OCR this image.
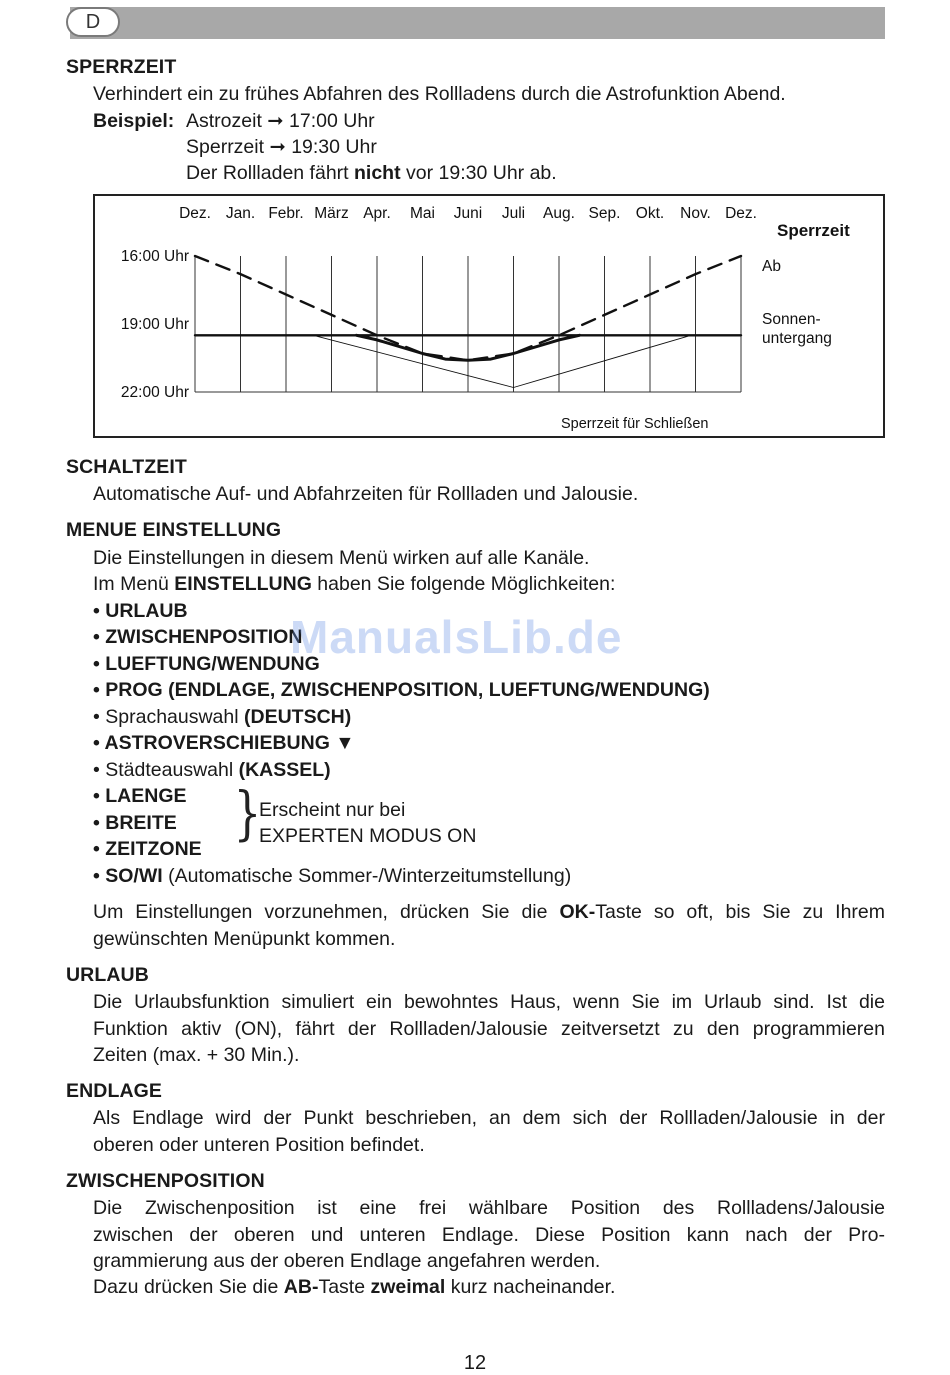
D
SPERRZEIT
Verhindert ein zu frühes Abfahren des Rollladens durch die Astrofunktion Abend.
Beispiel: Astrozeit ➞ 17:00 Uhr
Sperrzeit ➞ 19:30 Uhr
Der Rollladen fährt nicht vor 19:30 Uhr ab.
Dez. Jan. Febr. März Apr. Mai Juni Juli Aug. Sep. Okt. Nov. Dez.
16:00 Uhr
19:00 Uhr
22:00 Uhr
Sperrzeit
Ab
Sonnen-
untergang
Sperrzeit für Schließen
SCHALTZEIT
Automatische Auf- und Abfahrzeiten für Rollladen und Jalousie.
MENUE EINSTELLUNG
Die Einstellungen in diesem Menü wirken auf alle Kanäle.
Im Menü EINSTELLUNG haben Sie folgende Möglichkeiten:
• URLAUB
• ZWISCHENPOSITION
• LUEFTUNG/WENDUNG
• PROG (ENDLAGE, ZWISCHENPOSITION, LUEFTUNG/WENDUNG)
• Sprachauswahl (DEUTSCH)
• ASTROVERSCHIEBUNG ▼
• Städteauswahl (KASSEL)
• LAENGE
• BREITE
• ZEITZONE
}
Erscheint nur bei
EXPERTEN MODUS ON
• SO/WI (Automatische Sommer-/Winterzeitumstellung)
Um Einstellungen vorzunehmen, drücken Sie die OK-Taste so oft, bis Sie zu Ihrem
gewünschten Menüpunkt kommen.
ManualsLib.de
URLAUB
Die Urlaubsfunktion simuliert ein bewohntes Haus, wenn Sie im Urlaub sind. Ist die
Funktion aktiv (ON), fährt der Rollladen/Jalousie zeitversetzt zu den programmieren
Zeiten (max. + 30 Min.).
ENDLAGE
Als Endlage wird der Punkt beschrieben, an dem sich der Rollladen/Jalousie in der
oberen oder unteren Position befindet.
ZWISCHENPOSITION
Die Zwischenposition ist eine frei wählbare Position des Rollladens/Jalousie
zwischen der oberen und unteren Endlage. Diese Position kann nach der Pro-
grammierung aus der oberen Endlage angefahren werden.
Dazu drücken Sie die AB-Taste zweimal kurz nacheinander.
12
